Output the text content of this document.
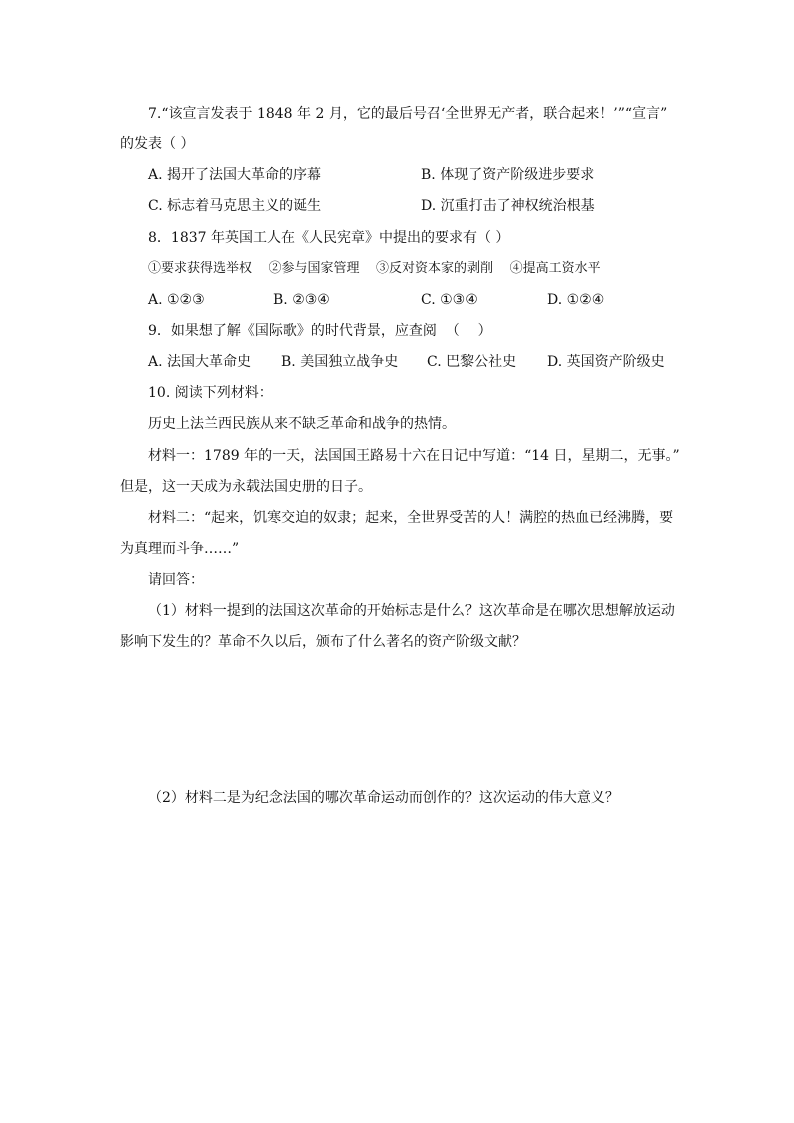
7.“该宣言发表于 1848 年 2 月，它的最后号召‘全世界无产者，联合起来！’”“宣言”
的发表（ ）
A. 揭开了法国大革命的序幕	B. 体现了资产阶级进步要求
C. 标志着马克思主义的诞生	D. 沉重打击了神权统治根基
8．1837 年英国工人在《人民宪章》中提出的要求有（ ）
①要求获得选举权    ②参与国家管理    ③反对资本家的剥削    ④提高工资水平
A. ①②③	B. ②③④	C. ①③④	D. ①②④
9．如果想了解《国际歌》的时代背景，应查阅  （    ）
A. 法国大革命史 B. 美国独立战争史 C. 巴黎公社史 D. 英国资产阶级史
10. 阅读下列材料：
历史上法兰西民族从来不缺乏革命和战争的热情。
材料一：1789 年的一天，法国国王路易十六在日记中写道：“14 日，星期二，无事。”
但是，这一天成为永载法国史册的日子。
材料二：“起来，饥寒交迫的奴隶；起来，全世界受苦的人！满腔的热血已经沸腾，要
为真理而斗争……”
请回答：
（1）材料一提到的法国这次革命的开始标志是什么？这次革命是在哪次思想解放运动
影响下发生的？革命不久以后，颁布了什么著名的资产阶级文献？
（2）材料二是为纪念法国的哪次革命运动而创作的？这次运动的伟大意义？
